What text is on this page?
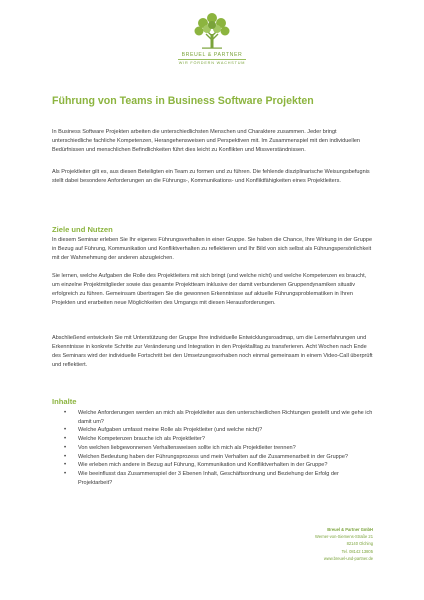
BREUEL & PARTNER
WIR FÖRDERN WACHSTUM
Führung von Teams in Business Software Projekten

In Business Software Projekten arbeiten die unterschiedlichsten Menschen und Charaktere zusammen. Jeder bringt unterschiedliche fachliche Kompetenzen, Herangehensweisen und Perspektiven mit. Im Zusammenspiel mit den individuellen Bedürfnissen und menschlichen Befindlichkeiten führt dies leicht zu Konflikten und Missverständnissen.

Als Projektleiter gilt es, aus diesen Beteiligten ein Team zu formen und zu führen. Die fehlende disziplinarische Weisungsbefugnis stellt dabei besondere Anforderungen an die Führungs-, Kommunikations- und Konfliktfähigkeiten eines Projektleiters.

Ziele und Nutzen

In diesem Seminar erleben Sie Ihr eigenes Führungsverhalten in einer Gruppe. Sie haben die Chance, Ihre Wirkung in der Gruppe in Bezug auf Führung, Kommunikation und Konfliktverhalten zu reflektieren und Ihr Bild von sich selbst als Führungspersönlichkeit mit der Wahrnehmung der anderen abzugleichen.

Sie lernen, welche Aufgaben die Rolle des Projektleiters mit sich bringt (und welche nicht) und welche Kompetenzen es braucht, um einzelne Projektmitglieder sowie das gesamte Projektteam inklusive der damit verbundenen Gruppendynamiken situativ erfolgreich zu führen. Gemeinsam übertragen Sie die gewonnen Erkenntnisse auf aktuelle Führungsproblematiken in Ihren Projekten und erarbeiten neue Möglichkeiten des Umgangs mit diesen Herausforderungen.

Abschließend entwickeln Sie mit Unterstützung der Gruppe Ihre individuelle Entwicklungsroadmap, um die Lernerfahrungen und Erkenntnisse in konkrete Schritte zur Veränderung und Integration in den Projektalltag zu transferieren. Acht Wochen nach Ende des Seminars wird der individuelle Fortschritt bei den Umsetzungsvorhaben noch einmal gemeinsam in einem Video-Call überprüft und reflektiert.

Inhalte
• Welche Anforderungen werden an mich als Projektleiter aus den unterschiedlichen Richtungen gestellt und wie gehe ich damit um?
• Welche Aufgaben umfasst meine Rolle als Projektleiter (und welche nicht)?
• Welche Kompetenzen brauche ich als Projektleiter?
• Von welchen liebgewonnenen Verhaltensweisen sollte ich mich als Projektleiter trennen?
• Welchen Bedeutung haben der Führungsprozess und mein Verhalten auf die Zusammenarbeit in der Gruppe?
• Wie erleben mich andere in Bezug auf Führung, Kommunikation und Konfliktverhalten in der Gruppe?
• Wie beeinflusst das Zusammenspiel der 3 Ebenen Inhalt, Geschäftsordnung und Beziehung der Erfolg der Projektarbeit?
Breuel & Partner GmbH
Werner-von-Siemens-Straße 21
82140 Olching
Tel. 08142 13805
www.breuel-und-partner.de
